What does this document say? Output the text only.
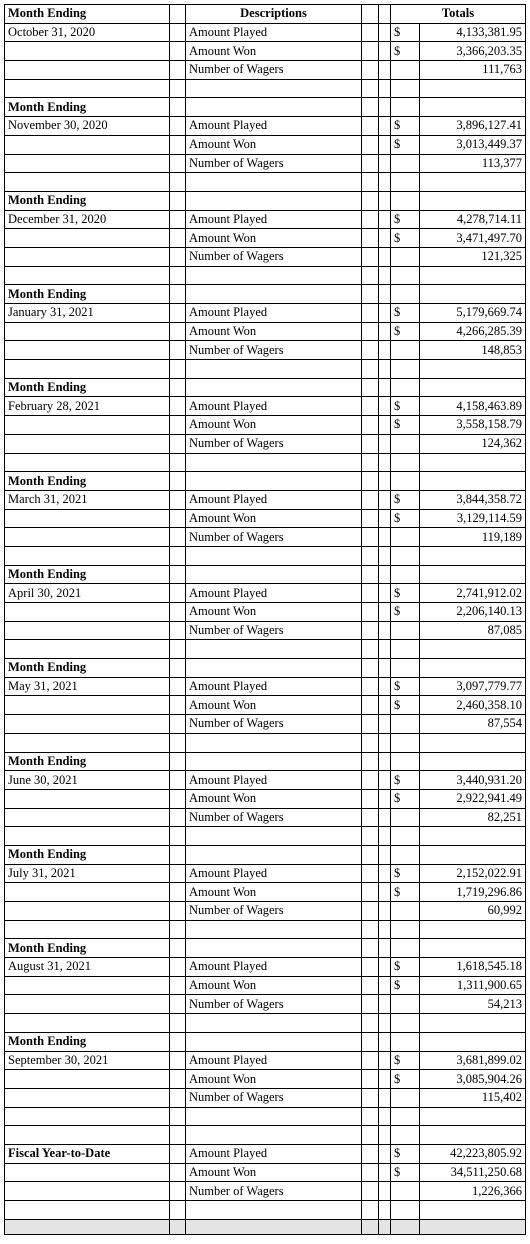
Month Ending		Descriptions			Totals	
October 31, 2020		Amount Played			$	4,133,381.95
		Amount Won			$	3,366,203.35
		Number of Wagers				111,763

Month Ending						
November 30, 2020		Amount Played			$	3,896,127.41
		Amount Won			$	3,013,449.37
		Number of Wagers				113,377

Month Ending						
December 31, 2020		Amount Played			$	4,278,714.11
		Amount Won			$	3,471,497.70
		Number of Wagers				121,325

Month Ending						
January 31, 2021		Amount Played			$	5,179,669.74
		Amount Won			$	4,266,285.39
		Number of Wagers				148,853

Month Ending						
February 28, 2021		Amount Played			$	4,158,463.89
		Amount Won			$	3,558,158.79
		Number of Wagers				124,362

Month Ending						
March 31, 2021		Amount Played			$	3,844,358.72
		Amount Won			$	3,129,114.59
		Number of Wagers				119,189

Month Ending						
April 30, 2021		Amount Played			$	2,741,912.02
		Amount Won			$	2,206,140.13
		Number of Wagers				87,085

Month Ending						
May 31, 2021		Amount Played			$	3,097,779.77
		Amount Won			$	2,460,358.10
		Number of Wagers				87,554

Month Ending						
June 30, 2021		Amount Played			$	3,440,931.20
		Amount Won			$	2,922,941.49
		Number of Wagers				82,251

Month Ending						
July 31, 2021		Amount Played			$	2,152,022.91
		Amount Won			$	1,719,296.86
		Number of Wagers				60,992

Month Ending						
August 31, 2021		Amount Played			$	1,618,545.18
		Amount Won			$	1,311,900.65
		Number of Wagers				54,213

Month Ending						
September 30, 2021		Amount Played			$	3,681,899.02
		Amount Won			$	3,085,904.26
		Number of Wagers				115,402

Fiscal Year-to-Date		Amount Played			$	42,223,805.92
		Amount Won			$	34,511,250.68
		Number of Wagers				1,226,366
